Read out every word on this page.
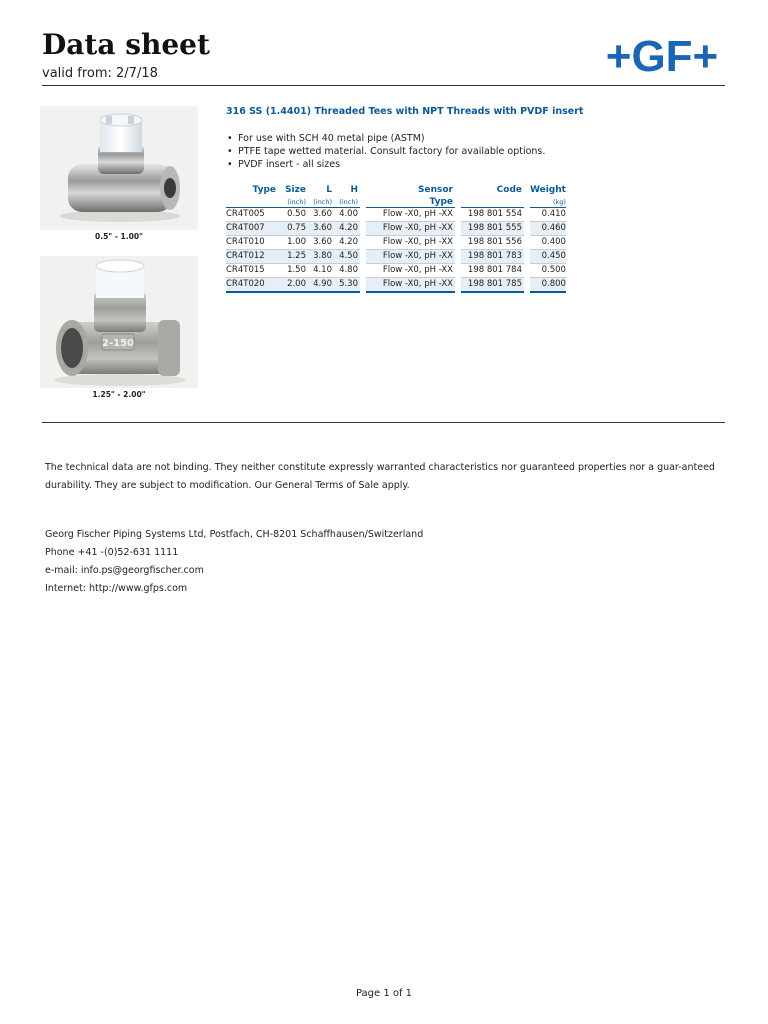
Data sheet
valid from: 2/7/18	+GF+
0.5" - 1.00"
2-150
1.25" - 2.00"
316 SS (1.4401) Threaded Tees with NPT Threads with PVDF insert
• For use with SCH 40 metal pipe (ASTM)
• PTFE tape wetted material. Consult factory for available options.
• PVDF insert - all sizes
Type	Size	L	H		Sensor		Code		Weight
	(inch)	(inch)	(inch)		Type				(kg)
CR4T005	0.50	3.60	4.00		Flow -X0, pH -XX		198 801 554		0.410
CR4T007	0.75	3.60	4.20		Flow -X0, pH -XX		198 801 555		0.460
CR4T010	1.00	3.60	4.20		Flow -X0, pH -XX		198 801 556		0.400
CR4T012	1.25	3.80	4.50		Flow -X0, pH -XX		198 801 783		0.450
CR4T015	1.50	4.10	4.80		Flow -X0, pH -XX		198 801 784		0.500
CR4T020	2.00	4.90	5.30		Flow -X0, pH -XX		198 801 785		0.800
The technical data are not binding. They neither constitute expressly warranted characteristics nor guaranteed properties nor a guar-anteed durability. They are subject to modification. Our General Terms of Sale apply.
Georg Fischer Piping Systems Ltd, Postfach, CH-8201 Schaffhausen/Switzerland
Phone +41 -(0)52-631 1111
e-mail: info.ps@georgfischer.com
Internet: http://www.gfps.com
Page 1 of 1
